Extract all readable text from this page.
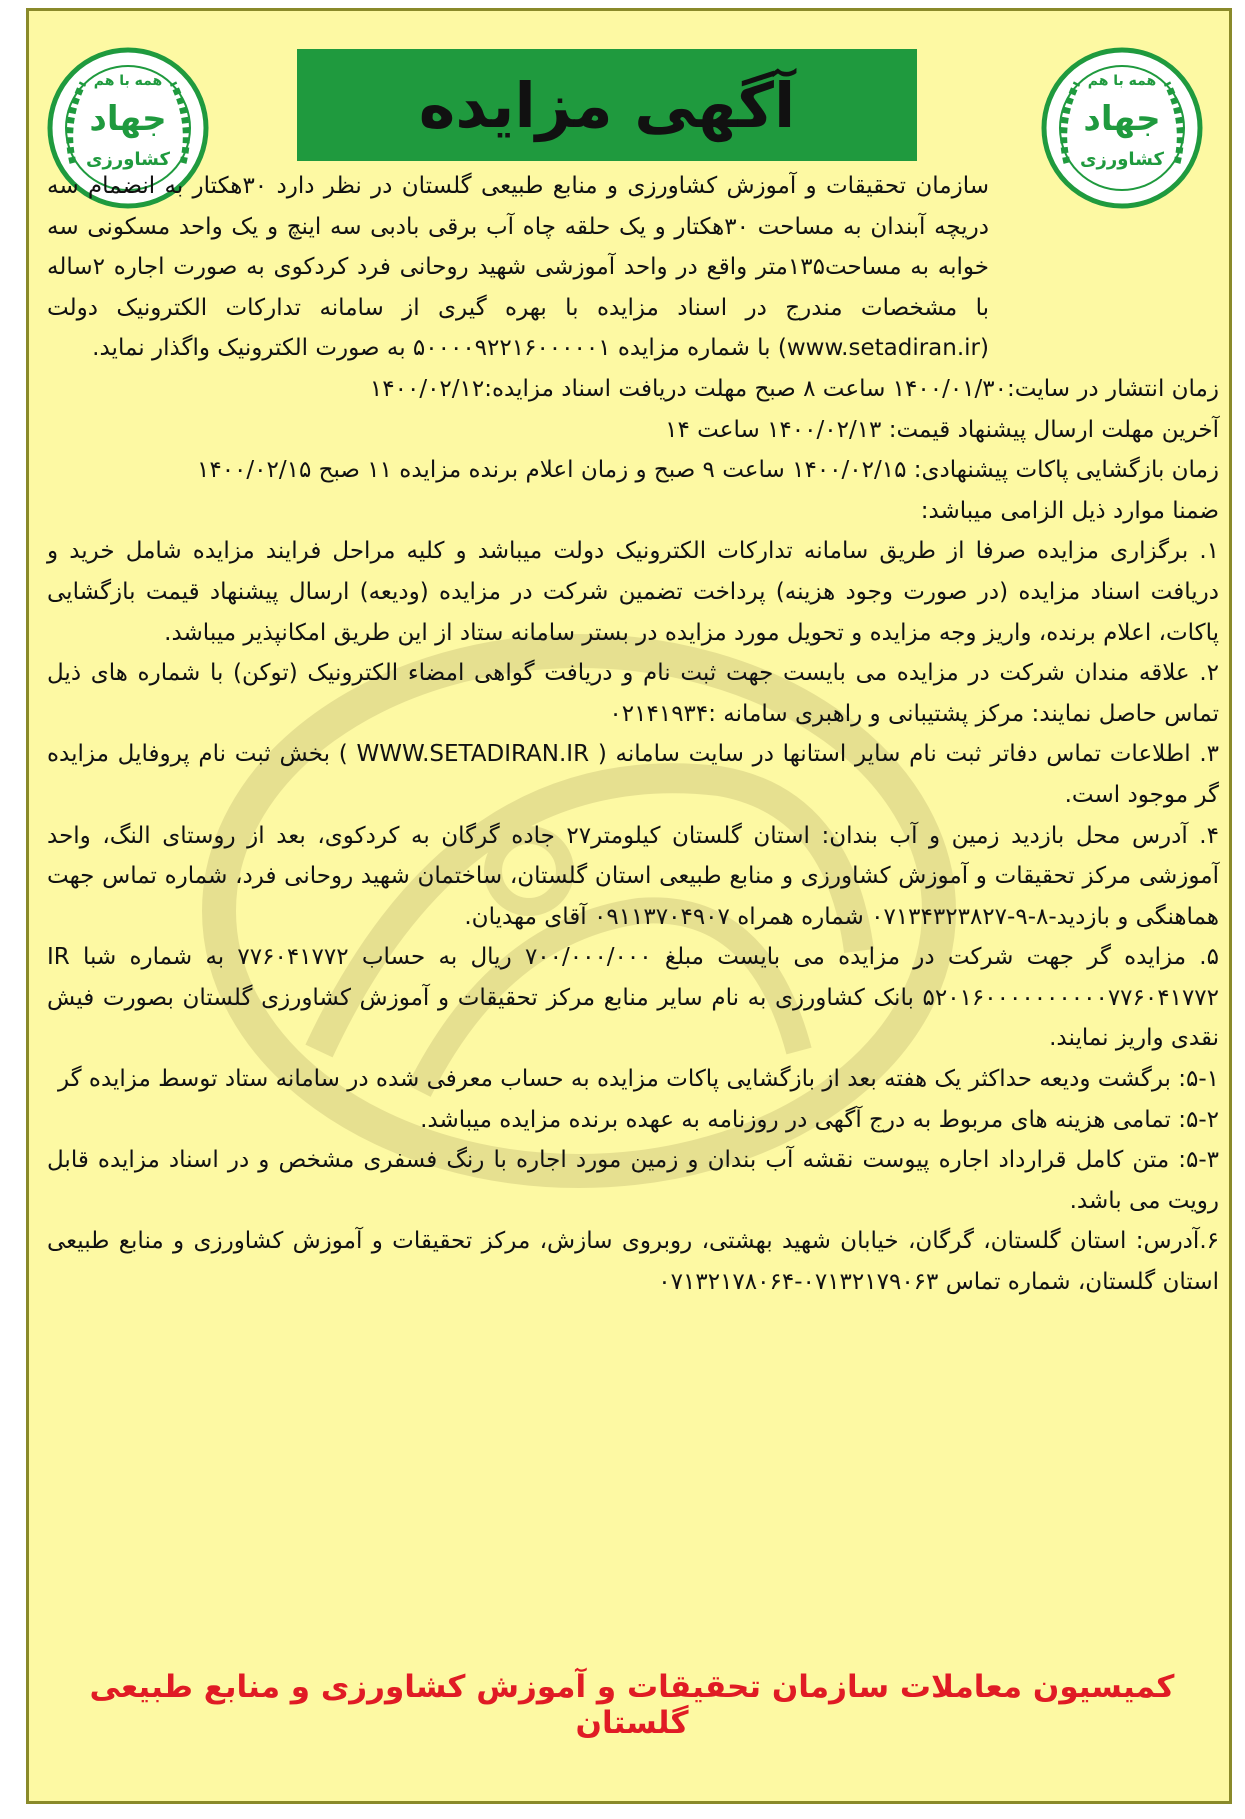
همه با هم
جهاد
کشاورزی
همه با هم
جهاد
کشاورزی
آگهی مزایده

سازمان تحقیقات و آموزش کشاورزی و منابع طبیعی گلستان در نظر دارد ۳۰هکتار به انضمام سه دریچه آبندان به مساحت ۳۰هکتار و یک حلقه چاه آب برقی بادبی سه اینچ و یک واحد مسکونی سه خوابه به مساحت۱۳۵متر واقع در واحد آموزشی شهید روحانی فرد کردکوی به صورت اجاره ۲ساله با مشخصات مندرج در اسناد مزایده با بهره گیری از سامانه تدارکات الکترونیک دولت (www.setadiran.ir) با شماره مزایده ۵۰۰۰۰۹۲۲۱۶۰۰۰۰۰۱ به صورت الکترونیک واگذار نماید.

زمان انتشار در سایت:۱۴۰۰/۰۱/۳۰ ساعت ۸ صبح مهلت دریافت اسناد مزایده:۱۴۰۰/۰۲/۱۲

آخرین مهلت ارسال پیشنهاد قیمت: ۱۴۰۰/۰۲/۱۳ ساعت ۱۴

زمان بازگشایی پاکات پیشنهادی: ۱۴۰۰/۰۲/۱۵ ساعت ۹ صبح و زمان اعلام برنده مزایده ۱۱ صبح ۱۴۰۰/۰۲/۱۵

ضمنا موارد ذیل الزامی میباشد:

۱. برگزاری مزایده صرفا از طریق سامانه تدارکات الکترونیک دولت میباشد و کلیه مراحل فرایند مزایده شامل خرید و دریافت اسناد مزایده (در صورت وجود هزینه) پرداخت تضمین شرکت در مزایده (ودیعه) ارسال پیشنهاد قیمت بازگشایی پاکات، اعلام برنده، واریز وجه مزایده و تحویل مورد مزایده در بستر سامانه ستاد از این طریق امکانپذیر میباشد.

۲. علاقه مندان شرکت در مزایده می بایست جهت ثبت نام و دریافت گواهی امضاء الکترونیک (توکن) با شماره های ذیل تماس حاصل نمایند: مرکز پشتیبانی و راهبری سامانه :۰۲۱۴۱۹۳۴

۳. اطلاعات تماس دفاتر ثبت نام سایر استانها در سایت سامانه ( WWW.SETADIRAN.IR ) بخش ثبت نام پروفایل مزایده گر موجود است.

۴. آدرس محل بازدید زمین و آب بندان: استان گلستان کیلومتر۲۷ جاده گرگان به کردکوی، بعد از روستای النگ، واحد آموزشی مرکز تحقیقات و آموزش کشاورزی و منابع طبیعی استان گلستان، ساختمان شهید روحانی فرد، شماره تماس جهت هماهنگی و بازدید-۸-۹-۰۷۱۳۴۳۲۳۸۲۷ شماره همراه ۰۹۱۱۳۷۰۴۹۰۷ آقای مهدیان.

۵. مزایده گر جهت شرکت در مزایده می بایست مبلغ ۷۰۰/۰۰۰/۰۰۰ ریال به حساب ۷۷۶۰۴۱۷۷۲ به شماره شبا IR ۵۲۰۱۶۰۰۰۰۰۰۰۰۰۰۷۷۶۰۴۱۷۷۲ بانک کشاورزی به نام سایر منابع مرکز تحقیقات و آموزش کشاورزی گلستان بصورت فیش نقدی واریز نمایند.

۵-۱: برگشت ودیعه حداکثر یک هفته بعد از بازگشایی پاکات مزایده به حساب معرفی شده در سامانه ستاد توسط مزایده گر

۵-۲: تمامی هزینه های مربوط به درج آگهی در روزنامه به عهده برنده مزایده میباشد.

۵-۳: متن کامل قرارداد اجاره پیوست نقشه آب بندان و زمین مورد اجاره با رنگ فسفری مشخص و در اسناد مزایده قابل رویت می باشد.

۶.آدرس: استان گلستان، گرگان، خیابان شهید بهشتی، روبروی سازش، مرکز تحقیقات و آموزش کشاورزی و منابع طبیعی استان گلستان، شماره تماس ۰۷۱۳۲۱۷۹۰۶۳-۰۷۱۳۲۱۷۸۰۶۴

کمیسیون معاملات سازمان تحقیقات و آموزش کشاورزی و منابع طبیعی گلستان
